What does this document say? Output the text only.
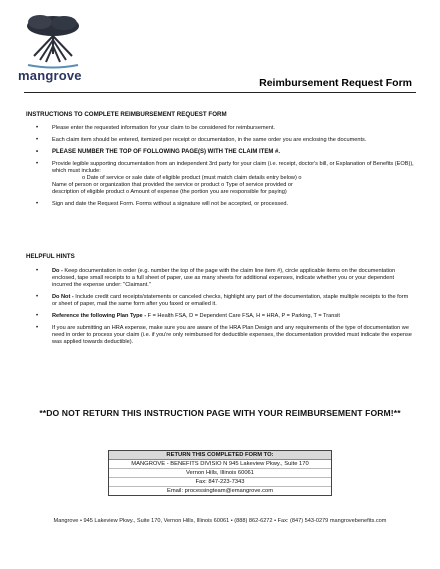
mangrove	Reimbursement Request Form
INSTRUCTIONS TO COMPLETE REIMBURSEMENT REQUEST FORM
• Please enter the requested information for your claim to be considered for reimbursement.
• Each claim item should be entered, itemized per receipt or documentation, in the same order you are enclosing the documents.
• PLEASE NUMBER THE TOP OF FOLLOWING PAGE(S) WITH THE CLAIM ITEM #.
• Provide legible supporting documentation from an independent 3rd party for your claim (i.e. receipt, doctor's bill, or Explanation of Benefits (EOB)), which must include:
o Date of service or sale date of eligible product (must match claim details entry below) o
Name of person or organization that provided the service or product o Type of service provided or
description of eligible product o Amount of expense (the portion you are responsible for paying)
• Sign and date the Request Form. Forms without a signature will not be accepted, or processed.
HELPFUL HINTS
• Do - Keep documentation in order (e.g. number the top of the page with the claim line item #), circle applicable items on the documentation enclosed, tape small receipts to a full sheet of paper, use as many sheets for additional expenses, indicate whether you or your dependent incurred the expense under: "Claimant."
• Do Not - Include credit card receipts/statements or canceled checks, highlight any part of the documentation, staple multiple receipts to the form or sheet of paper, mail the same form after you faxed or emailed it.
• Reference the following Plan Type - F = Health FSA, D = Dependent Care FSA, H = HRA, P = Parking, T = Transit
• If you are submitting an HRA expense, make sure you are aware of the HRA Plan Design and any requirements of the type of documentation we need in order to process your claim (i.e. if you're only reimbursed for deductible expenses, the documentation provided must indicate the expense was applied towards deductible).
**DO NOT RETURN THIS INSTRUCTION PAGE WITH YOUR REIMBURSEMENT FORM!**
RETURN THIS COMPLETED FORM TO:
MANGROVE - BENEFITS DIVISIO N 945 Lakeview Pkwy., Suite 170
Vernon Hills, Illinois 60061
Fax: 847-223-7343
Email: processingteam@emangrove.com
Mangrove • 945 Lakeview Pkwy., Suite 170, Vernon Hills, Illinois 60061 • (888) 862-6272 • Fax: (847) 543-0279 mangrovebenefits.com
